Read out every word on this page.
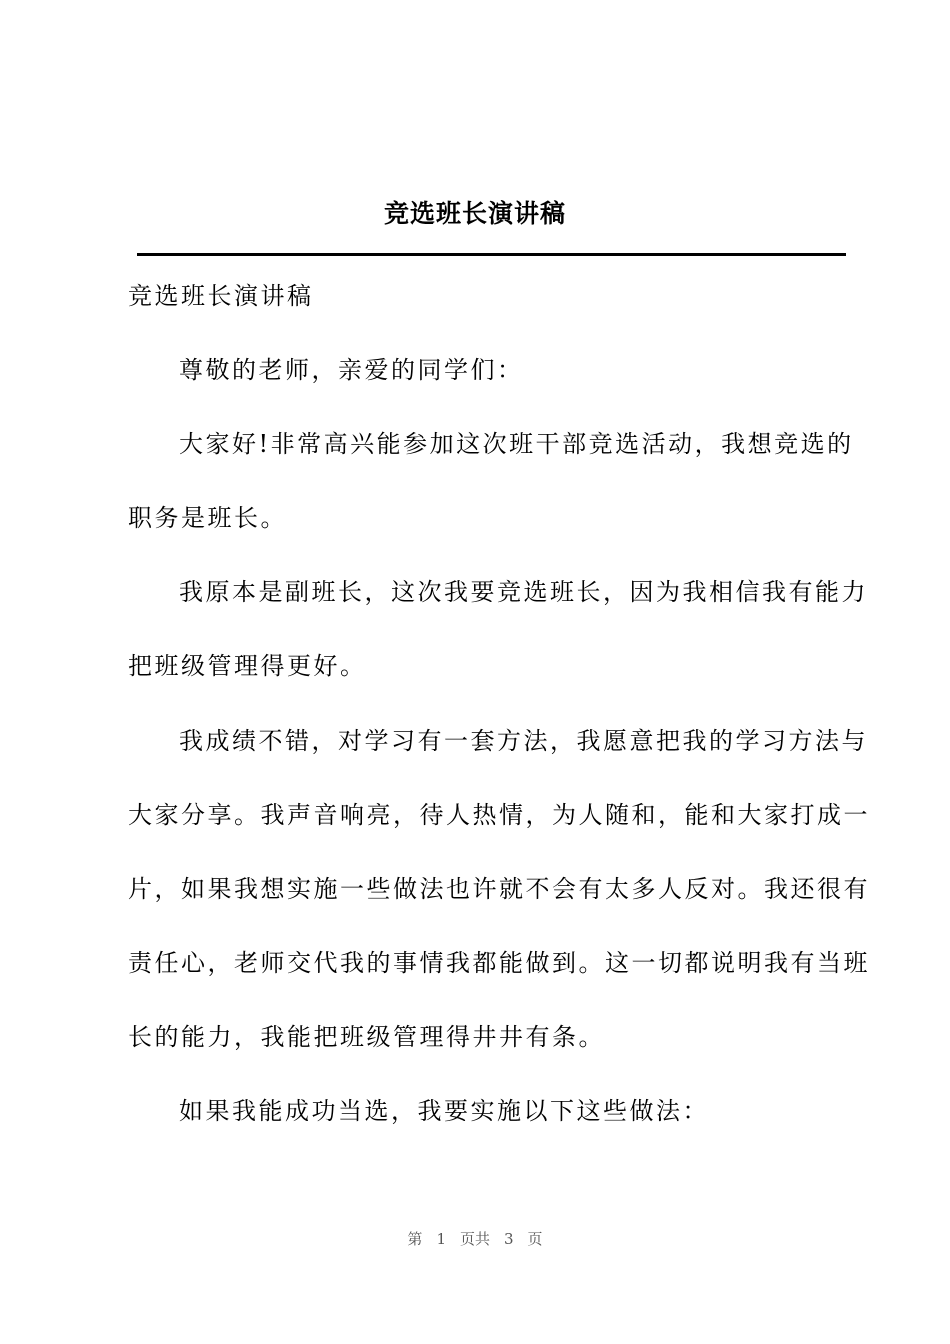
竞选班长演讲稿
竞选班长演讲稿
尊敬的老师，亲爱的同学们：
大家好!非常高兴能参加这次班干部竞选活动，我想竞选的
职务是班长。
我原本是副班长，这次我要竞选班长，因为我相信我有能力
把班级管理得更好。
我成绩不错，对学习有一套方法，我愿意把我的学习方法与
大家分享。我声音响亮，待人热情，为人随和，能和大家打成一
片，如果我想实施一些做法也许就不会有太多人反对。我还很有
责任心，老师交代我的事情我都能做到。这一切都说明我有当班
长的能力，我能把班级管理得井井有条。
如果我能成功当选，我要实施以下这些做法：
第 1 页共 3 页
